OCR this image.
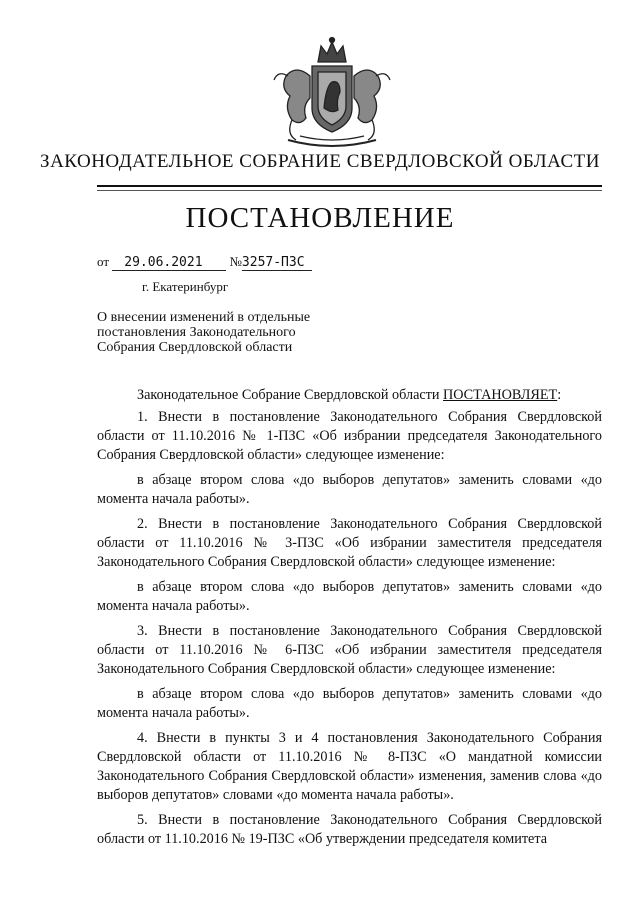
ЗАКОНОДАТЕЛЬНОЕ СОБРАНИЕ СВЕРДЛОВСКОЙ ОБЛАСТИ
ПОСТАНОВЛЕНИЕ
от 29.06.2021 №3257-ПЗС
г. Екатеринбург
О внесении изменений в отдельные постановления Законодательного Собрания Свердловской области

Законодательное Собрание Свердловской области ПОСТАНОВЛЯЕТ:

1. Внести в постановление Законодательного Собрания Свердловской области от 11.10.2016 № 1-ПЗС «Об избрании председателя Законодательного Собрания Свердловской области» следующее изменение:

в абзаце втором слова «до выборов депутатов» заменить словами «до момента начала работы».

2. Внести в постановление Законодательного Собрания Свердловской области от 11.10.2016 № 3-ПЗС «Об избрании заместителя председателя Законодательного Собрания Свердловской области» следующее изменение:

в абзаце втором слова «до выборов депутатов» заменить словами «до момента начала работы».

3. Внести в постановление Законодательного Собрания Свердловской области от 11.10.2016 № 6-ПЗС «Об избрании заместителя председателя Законодательного Собрания Свердловской области» следующее изменение:

в абзаце втором слова «до выборов депутатов» заменить словами «до момента начала работы».

4. Внести в пункты 3 и 4 постановления Законодательного Собрания Свердловской области от 11.10.2016 № 8-ПЗС «О мандатной комиссии Законодательного Собрания Свердловской области» изменения, заменив слова «до выборов депутатов» словами «до момента начала работы».

5. Внести в постановление Законодательного Собрания Свердловской области от 11.10.2016 № 19-ПЗС «Об утверждении председателя комитета
